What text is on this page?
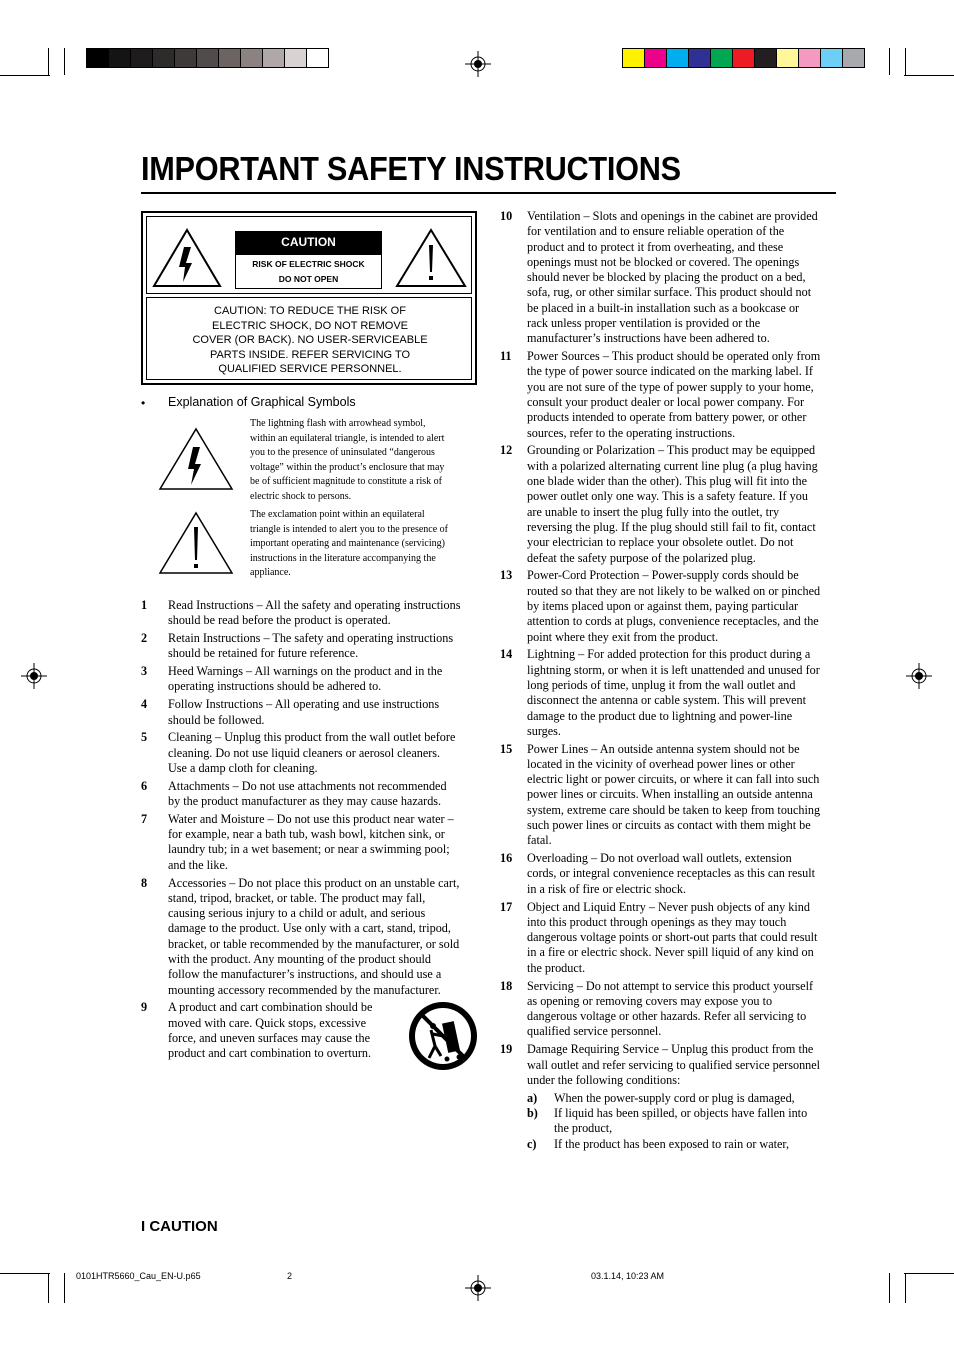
IMPORTANT SAFETY INSTRUCTIONS
CAUTION
RISK OF ELECTRIC SHOCK
DO NOT OPEN
CAUTION: TO REDUCE THE RISK OF
ELECTRIC SHOCK, DO NOT REMOVE
COVER (OR BACK). NO USER-SERVICEABLE
PARTS INSIDE. REFER SERVICING TO
QUALIFIED SERVICE PERSONNEL.
• Explanation of Graphical Symbols
The lightning flash with arrowhead symbol,
within an equilateral triangle, is intended to alert
you to the presence of uninsulated “dangerous
voltage” within the product’s enclosure that may
be of sufficient magnitude to constitute a risk of
electric shock to persons.
The exclamation point within an equilateral
triangle is intended to alert you to the presence of
important operating and maintenance (servicing)
instructions in the literature accompanying the
appliance.
1 Read Instructions – All the safety and operating instructions
should be read before the product is operated.
2 Retain Instructions – The safety and operating instructions
should be retained for future reference.
3 Heed Warnings – All warnings on the product and in the
operating instructions should be adhered to.
4 Follow Instructions – All operating and use instructions
should be followed.
5 Cleaning – Unplug this product from the wall outlet before
cleaning. Do not use liquid cleaners or aerosol cleaners.
Use a damp cloth for cleaning.
6 Attachments – Do not use attachments not recommended
by the product manufacturer as they may cause hazards.
7 Water and Moisture – Do not use this product near water –
for example, near a bath tub, wash bowl, kitchen sink, or
laundry tub; in a wet basement; or near a swimming pool;
and the like.
8 Accessories – Do not place this product on an unstable cart,
stand, tripod, bracket, or table. The product may fall,
causing serious injury to a child or adult, and serious
damage to the product. Use only with a cart, stand, tripod,
bracket, or table recommended by the manufacturer, or sold
with the product. Any mounting of the product should
follow the manufacturer’s instructions, and should use a
mounting accessory recommended by the manufacturer.
9 A product and cart combination should be
moved with care. Quick stops, excessive
force, and uneven surfaces may cause the
product and cart combination to overturn.
10 Ventilation – Slots and openings in the cabinet are provided
for ventilation and to ensure reliable operation of the
product and to protect it from overheating, and these
openings must not be blocked or covered. The openings
should never be blocked by placing the product on a bed,
sofa, rug, or other similar surface. This product should not
be placed in a built-in installation such as a bookcase or
rack unless proper ventilation is provided or the
manufacturer’s instructions have been adhered to.
11 Power Sources – This product should be operated only from
the type of power source indicated on the marking label. If
you are not sure of the type of power supply to your home,
consult your product dealer or local power company. For
products intended to operate from battery power, or other
sources, refer to the operating instructions.
12 Grounding or Polarization – This product may be equipped
with a polarized alternating current line plug (a plug having
one blade wider than the other). This plug will fit into the
power outlet only one way. This is a safety feature. If you
are unable to insert the plug fully into the outlet, try
reversing the plug. If the plug should still fail to fit, contact
your electrician to replace your obsolete outlet. Do not
defeat the safety purpose of the polarized plug.
13 Power-Cord Protection – Power-supply cords should be
routed so that they are not likely to be walked on or pinched
by items placed upon or against them, paying particular
attention to cords at plugs, convenience receptacles, and the
point where they exit from the product.
14 Lightning – For added protection for this product during a
lightning storm, or when it is left unattended and unused for
long periods of time, unplug it from the wall outlet and
disconnect the antenna or cable system. This will prevent
damage to the product due to lightning and power-line
surges.
15 Power Lines – An outside antenna system should not be
located in the vicinity of overhead power lines or other
electric light or power circuits, or where it can fall into such
power lines or circuits. When installing an outside antenna
system, extreme care should be taken to keep from touching
such power lines or circuits as contact with them might be
fatal.
16 Overloading – Do not overload wall outlets, extension
cords, or integral convenience receptacles as this can result
in a risk of fire or electric shock.
17 Object and Liquid Entry – Never push objects of any kind
into this product through openings as they may touch
dangerous voltage points or short-out parts that could result
in a fire or electric shock. Never spill liquid of any kind on
the product.
18 Servicing – Do not attempt to service this product yourself
as opening or removing covers may expose you to
dangerous voltage or other hazards. Refer all servicing to
qualified service personnel.
19 Damage Requiring Service – Unplug this product from the
wall outlet and refer servicing to qualified service personnel
under the following conditions:
a) When the power-supply cord or plug is damaged,
b) If liquid has been spilled, or objects have fallen into
the product,
c) If the product has been exposed to rain or water,
I CAUTION
0101HTR5660_Cau_EN-U.p65	2	03.1.14, 10:23 AM
